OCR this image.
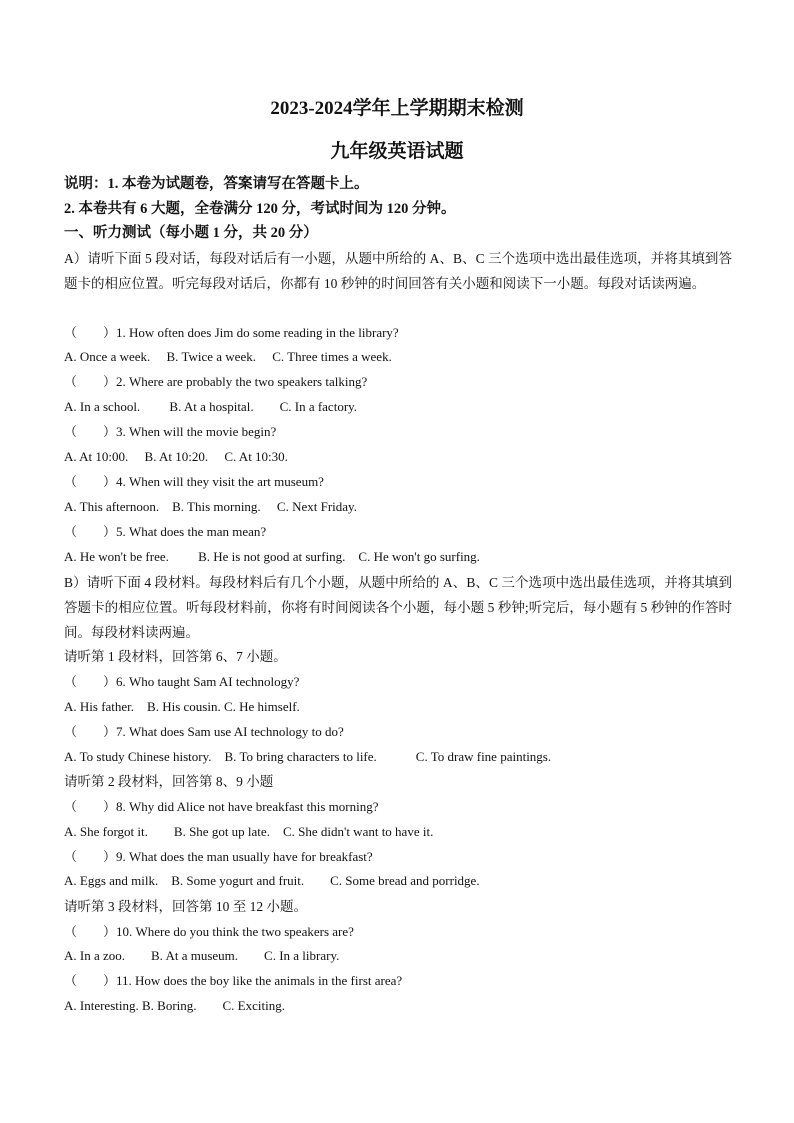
2023-2024学年上学期期末检测
九年级英语试题
说明：1. 本卷为试题卷，答案请写在答题卡上。
2. 本卷共有 6 大题，全卷满分 120 分，考试时间为 120 分钟。
一、听力测试（每小题 1 分，共 20 分）
A）请听下面 5 段对话，每段对话后有一小题，从题中所给的 A、B、C 三个选项中选出最佳选项，并将其填到答题卡的相应位置。听完每段对话后，你都有 10 秒钟的时间回答有关小题和阅读下一小题。每段对话读两遍。
（　　）1. How often does Jim do some reading in the library?
A. Once a week.　 B. Twice a week.　 C. Three times a week.
（　　）2. Where are probably the two speakers talking?
A. In a school.　　 B. At a hospital.　　C. In a factory.
（　　）3. When will the movie begin?
A. At 10:00.　 B. At 10:20.　 C. At 10:30.
（　　）4. When will they visit the art museum?
A. This afternoon.　B. This morning.　 C. Next Friday.
（　　）5. What does the man mean?
A. He won't be free.　　 B. He is not good at surfing.　C. He won't go surfing.
B）请听下面 4 段材料。每段材料后有几个小题，从题中所给的 A、B、C 三个选项中选出最佳选项，并将其填到答题卡的相应位置。听每段材料前，你将有时间阅读各个小题，每小题 5 秒钟;听完后，每小题有 5 秒钟的作答时间。每段材料读两遍。
请听第 1 段材料，回答第 6、7 小题。
（　　）6. Who taught Sam AI technology?
A. His father.　B. His cousin. C. He himself.
（　　）7. What does Sam use AI technology to do?
A. To study Chinese history.　B. To bring characters to life.　　　C. To draw fine paintings.
请听第 2 段材料，回答第 8、9 小题
（　　）8. Why did Alice not have breakfast this morning?
A. She forgot it.　　B. She got up late.　C. She didn't want to have it.
（　　）9. What does the man usually have for breakfast?
A. Eggs and milk.　B. Some yogurt and fruit.　　C. Some bread and porridge.
请听第 3 段材料，回答第 10 至 12 小题。
（　　）10. Where do you think the two speakers are?
A. In a zoo.　　B. At a museum.　　C. In a library.
（　　）11. How does the boy like the animals in the first area?
A. Interesting. B. Boring.　　C. Exciting.
